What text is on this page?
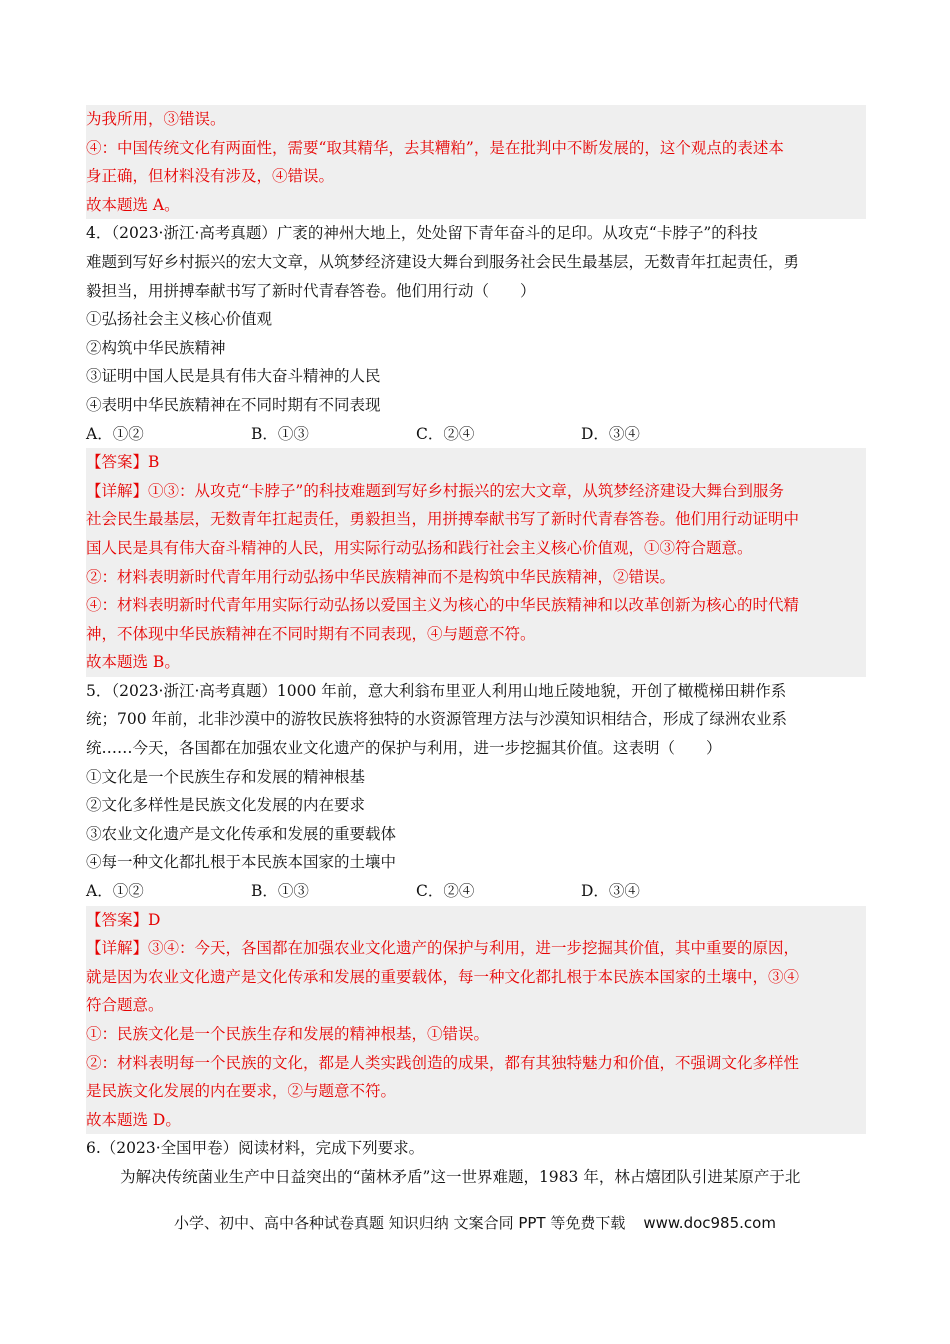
为我所用，③错误。
④：中国传统文化有两面性，需要“取其精华，去其糟粕”，是在批判中不断发展的，这个观点的表述本
身正确，但材料没有涉及，④错误。
故本题选 A。
4．（2023·浙江·高考真题）广袤的神州大地上，处处留下青年奋斗的足印。从攻克“卡脖子”的科技
难题到写好乡村振兴的宏大文章，从筑梦经济建设大舞台到服务社会民生最基层，无数青年扛起责任，勇
毅担当，用拼搏奉献书写了新时代青春答卷。他们用行动（　　）
①弘扬社会主义核心价值观
②构筑中华民族精神
③证明中国人民是具有伟大奋斗精神的人民
④表明中华民族精神在不同时期有不同表现
A．①②	B．①③	C．②④	D．③④
【答案】B
【详解】①③：从攻克“卡脖子”的科技难题到写好乡村振兴的宏大文章，从筑梦经济建设大舞台到服务
社会民生最基层，无数青年扛起责任，勇毅担当，用拼搏奉献书写了新时代青春答卷。他们用行动证明中
国人民是具有伟大奋斗精神的人民，用实际行动弘扬和践行社会主义核心价值观，①③符合题意。
②：材料表明新时代青年用行动弘扬中华民族精神而不是构筑中华民族精神，②错误。
④：材料表明新时代青年用实际行动弘扬以爱国主义为核心的中华民族精神和以改革创新为核心的时代精
神，不体现中华民族精神在不同时期有不同表现，④与题意不符。
故本题选 B。
5．（2023·浙江·高考真题）1000 年前，意大利翁布里亚人利用山地丘陵地貌，开创了橄榄梯田耕作系
统；700 年前，北非沙漠中的游牧民族将独特的水资源管理方法与沙漠知识相结合，形成了绿洲农业系
统……今天，各国都在加强农业文化遗产的保护与利用，进一步挖掘其价值。这表明（　　）
①文化是一个民族生存和发展的精神根基
②文化多样性是民族文化发展的内在要求
③农业文化遗产是文化传承和发展的重要载体
④每一种文化都扎根于本民族本国家的土壤中
A．①②	B．①③	C．②④	D．③④
【答案】D
【详解】③④：今天，各国都在加强农业文化遗产的保护与利用，进一步挖掘其价值，其中重要的原因，
就是因为农业文化遗产是文化传承和发展的重要载体，每一种文化都扎根于本民族本国家的土壤中，③④
符合题意。
①：民族文化是一个民族生存和发展的精神根基，①错误。
②：材料表明每一个民族的文化，都是人类实践创造的成果，都有其独特魅力和价值，不强调文化多样性
是民族文化发展的内在要求，②与题意不符。
故本题选 D。
6.（2023·全国甲卷）阅读材料，完成下列要求。
为解决传统菌业生产中日益突出的“菌林矛盾”这一世界难题，1983 年，林占熺团队引进某原产于北
小学、初中、高中各种试卷真题 知识归纳 文案合同 PPT 等免费下载 www.doc985.com
